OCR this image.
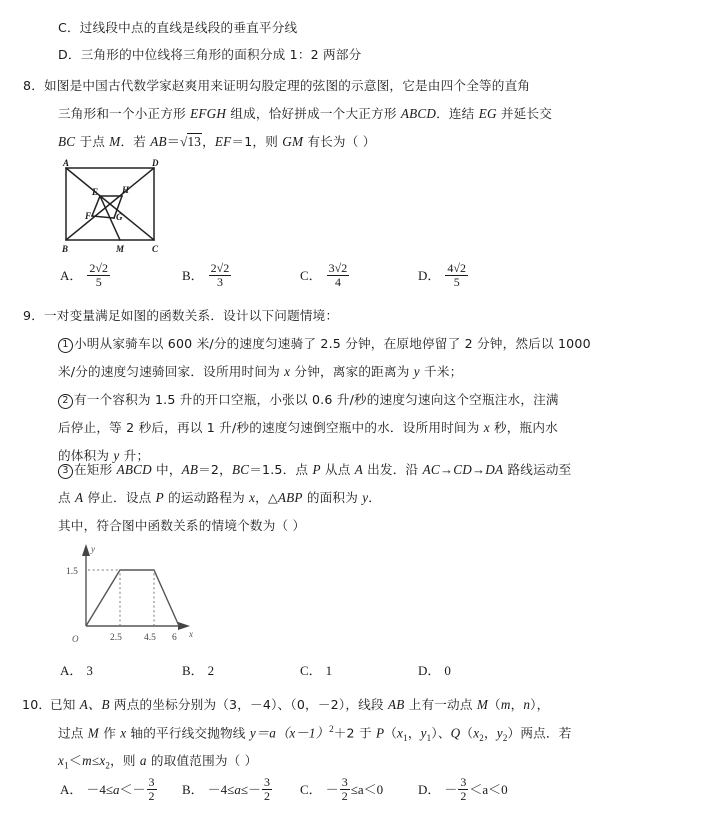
C．过线段中点的直线是线段的垂直平分线
D．三角形的中位线将三角形的面积分成 1：2 两部分
8．如图是中国古代数学家赵爽用来证明勾股定理的弦图的示意图，它是由四个全等的直角
三角形和一个小正方形 EFGH 组成，恰好拼成一个大正方形 ABCD．连结 EG 并延长交
BC 于点 M．若 AB＝√13，EF＝1，则 GM 有长为（ ）
A	D
B	C
E	H
F	G
M
A． $\frac{2√2}{5}$	B． $\frac{2√2}{3}$	C． $\frac{3√2}{4}$	D． $\frac{4√2}{5}$
9．一对变量满足如图的函数关系．设计以下问题情境：
1 小明从家骑车以 600 米/分的速度匀速骑了 2.5 分钟，在原地停留了 2 分钟，然后以 1000
米/分的速度匀速骑回家．设所用时间为 x 分钟，离家的距离为 y 千米；
2 有一个容积为 1.5 升的开口空瓶，小张以 0.6 升/秒的速度匀速向这个空瓶注水，注满
后停止，等 2 秒后，再以 1 升/秒的速度匀速倒空瓶中的水．设所用时间为 x 秒，瓶内水
的体积为 y 升；
3 在矩形 ABCD 中，AB＝2，BC＝1.5．点 P 从点 A 出发．沿 AC→CD→DA 路线运动至
点 A 停止．设点 P 的运动路程为 x，△ABP 的面积为 y．
其中，符合图中函数关系的情境个数为（ ）
1.5
2.5 4.5 6
O	x
y
A． 3	B． 2	C． 1	D． 0
10．已知 A、B 两点的坐标分别为（3，－4）、（0，－2），线段 AB 上有一动点 M（m，n），
过点 M 作 x 轴的平行线交抛物线 $y=a(x-1)^2+2$ 于 $P(x_1$，$y_1$）、$Q(x_2$，$y_2$）两点．若
$x_1<m\le x_2$，则 a 的取值范围为（ ）
A． $-4\le a<- \frac{3}{2}$ B． $-4\le a\le- \frac{3}{2}$ C． － $\frac{3}{2} \le a<0$	D． － $\frac{3}{2} <a<0$
